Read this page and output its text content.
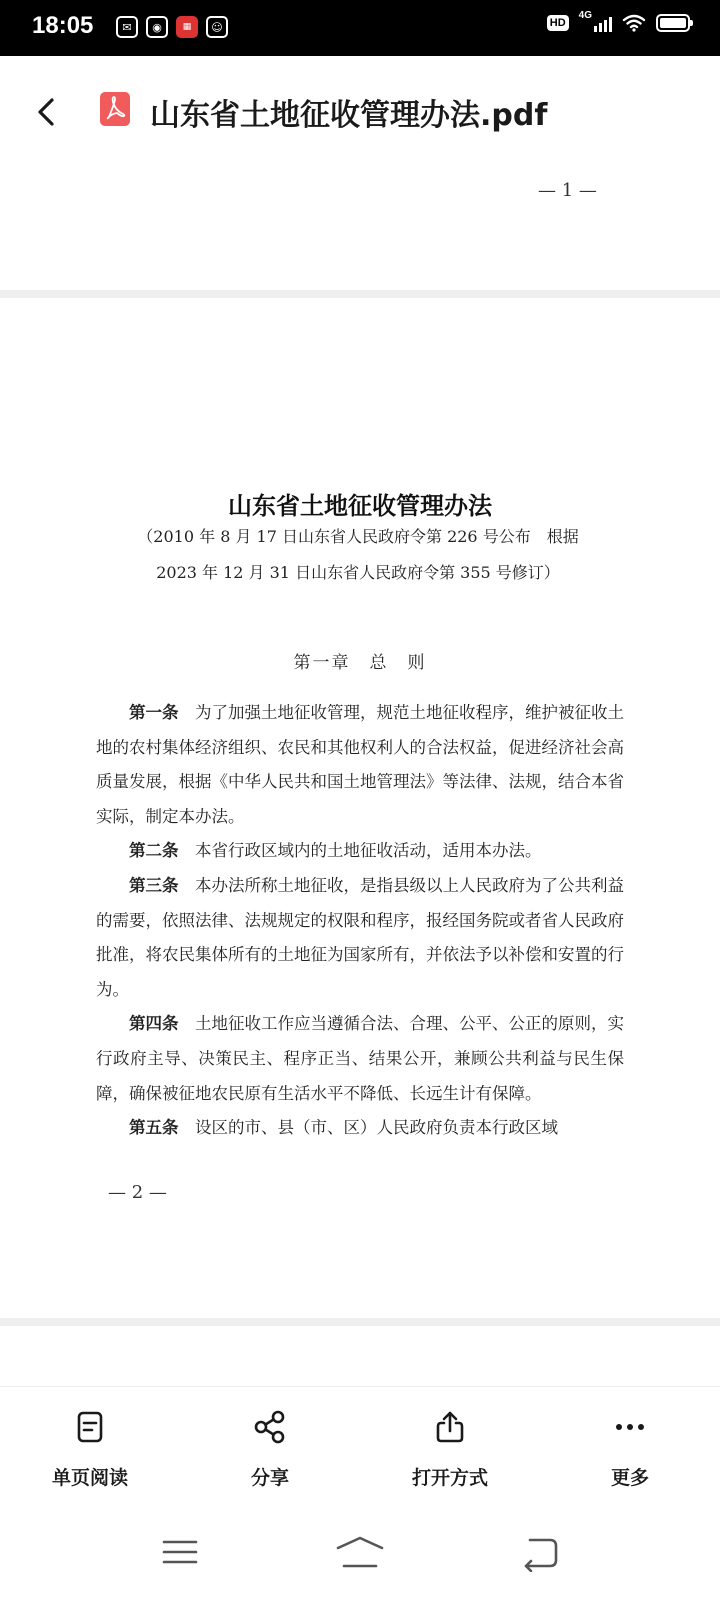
18:05	✉	◉	▦	☺	HD
4G
山东省土地征收管理办法.pdf
— 1 —
山东省土地征收管理办法
（2010 年 8 月 17 日山东省人民政府令第 226 号公布　根据
2023 年 12 月 31 日山东省人民政府令第 355 号修订）
第一章　总　则

第一条　 为了加强土地征收管理，规范土地征收程序，维护被征收土地的农村集体经济组织、农民和其他权利人的合法权益，促进经济社会高质量发展，根据《中华人民共和国土地管理法》等法律、法规，结合本省实际，制定本办法。

第二条　 本省行政区域内的土地征收活动，适用本办法。

第三条　 本办法所称土地征收，是指县级以上人民政府为了公共利益的需要，依照法律、法规规定的权限和程序，报经国务院或者省人民政府批准，将农民集体所有的土地征为国家所有，并依法予以补偿和安置的行为。

第四条　 土地征收工作应当遵循合法、合理、公平、公正的原则，实行政府主导、决策民主、程序正当、结果公开，兼顾公共利益与民生保障，确保被征地农民原有生活水平不降低、长远生计有保障。

第五条　 设区的市、县（市、区）人民政府负责本行政区域

— 2 —
单页阅读	分享	打开方式	更多
